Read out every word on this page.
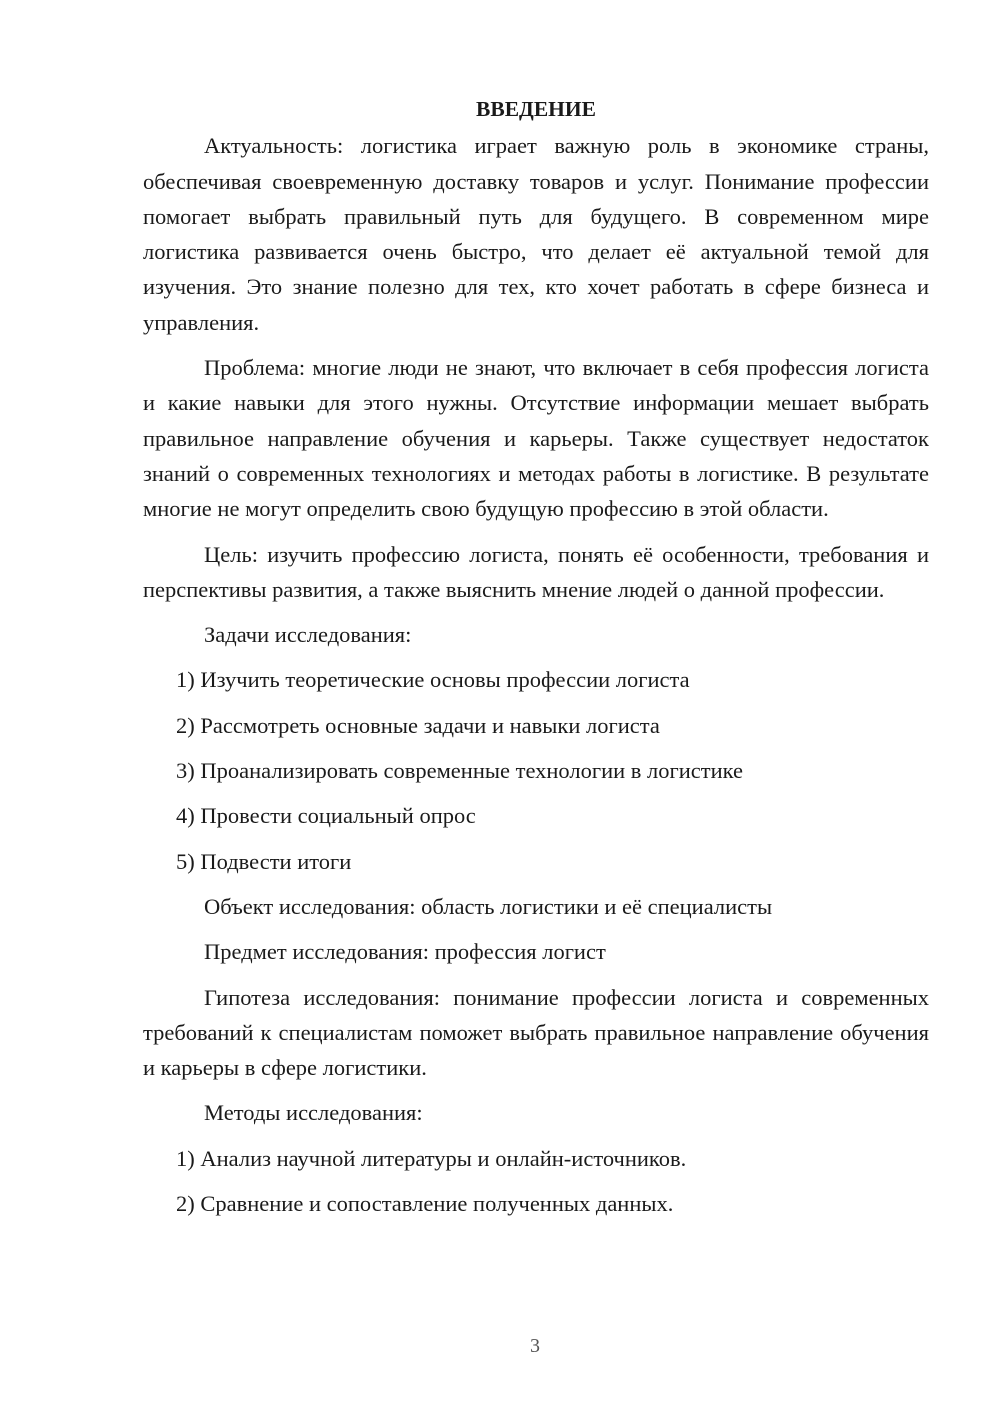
ВВЕДЕНИЕ

Актуальность: логистика играет важную роль в экономике страны, обеспечивая своевременную доставку товаров и услуг. Понимание профессии помогает выбрать правильный путь для будущего. В современном мире логистика развивается очень быстро, что делает её актуальной темой для изучения. Это знание полезно для тех, кто хочет работать в сфере бизнеса и управления.

Проблема: многие люди не знают, что включает в себя профессия логиста и какие навыки для этого нужны. Отсутствие информации мешает выбрать правильное направление обучения и карьеры. Также существует недостаток знаний о современных технологиях и методах работы в логистике. В результате многие не могут определить свою будущую профессию в этой области.

Цель: изучить профессию логиста, понять её особенности, требования и перспективы развития, а также выяснить мнение людей о данной профессии.

Задачи исследования:

1) Изучить теоретические основы профессии логиста

2) Рассмотреть основные задачи и навыки логиста

3) Проанализировать современные технологии в логистике

4) Провести социальный опрос

5) Подвести итоги

Объект исследования: область логистики и её специалисты

Предмет исследования: профессия логист

Гипотеза исследования: понимание профессии логиста и современных требований к специалистам поможет выбрать правильное направление обучения и карьеры в сфере логистики.

Методы исследования:

1) Анализ научной литературы и онлайн-источников.

2) Сравнение и сопоставление полученных данных.

3
